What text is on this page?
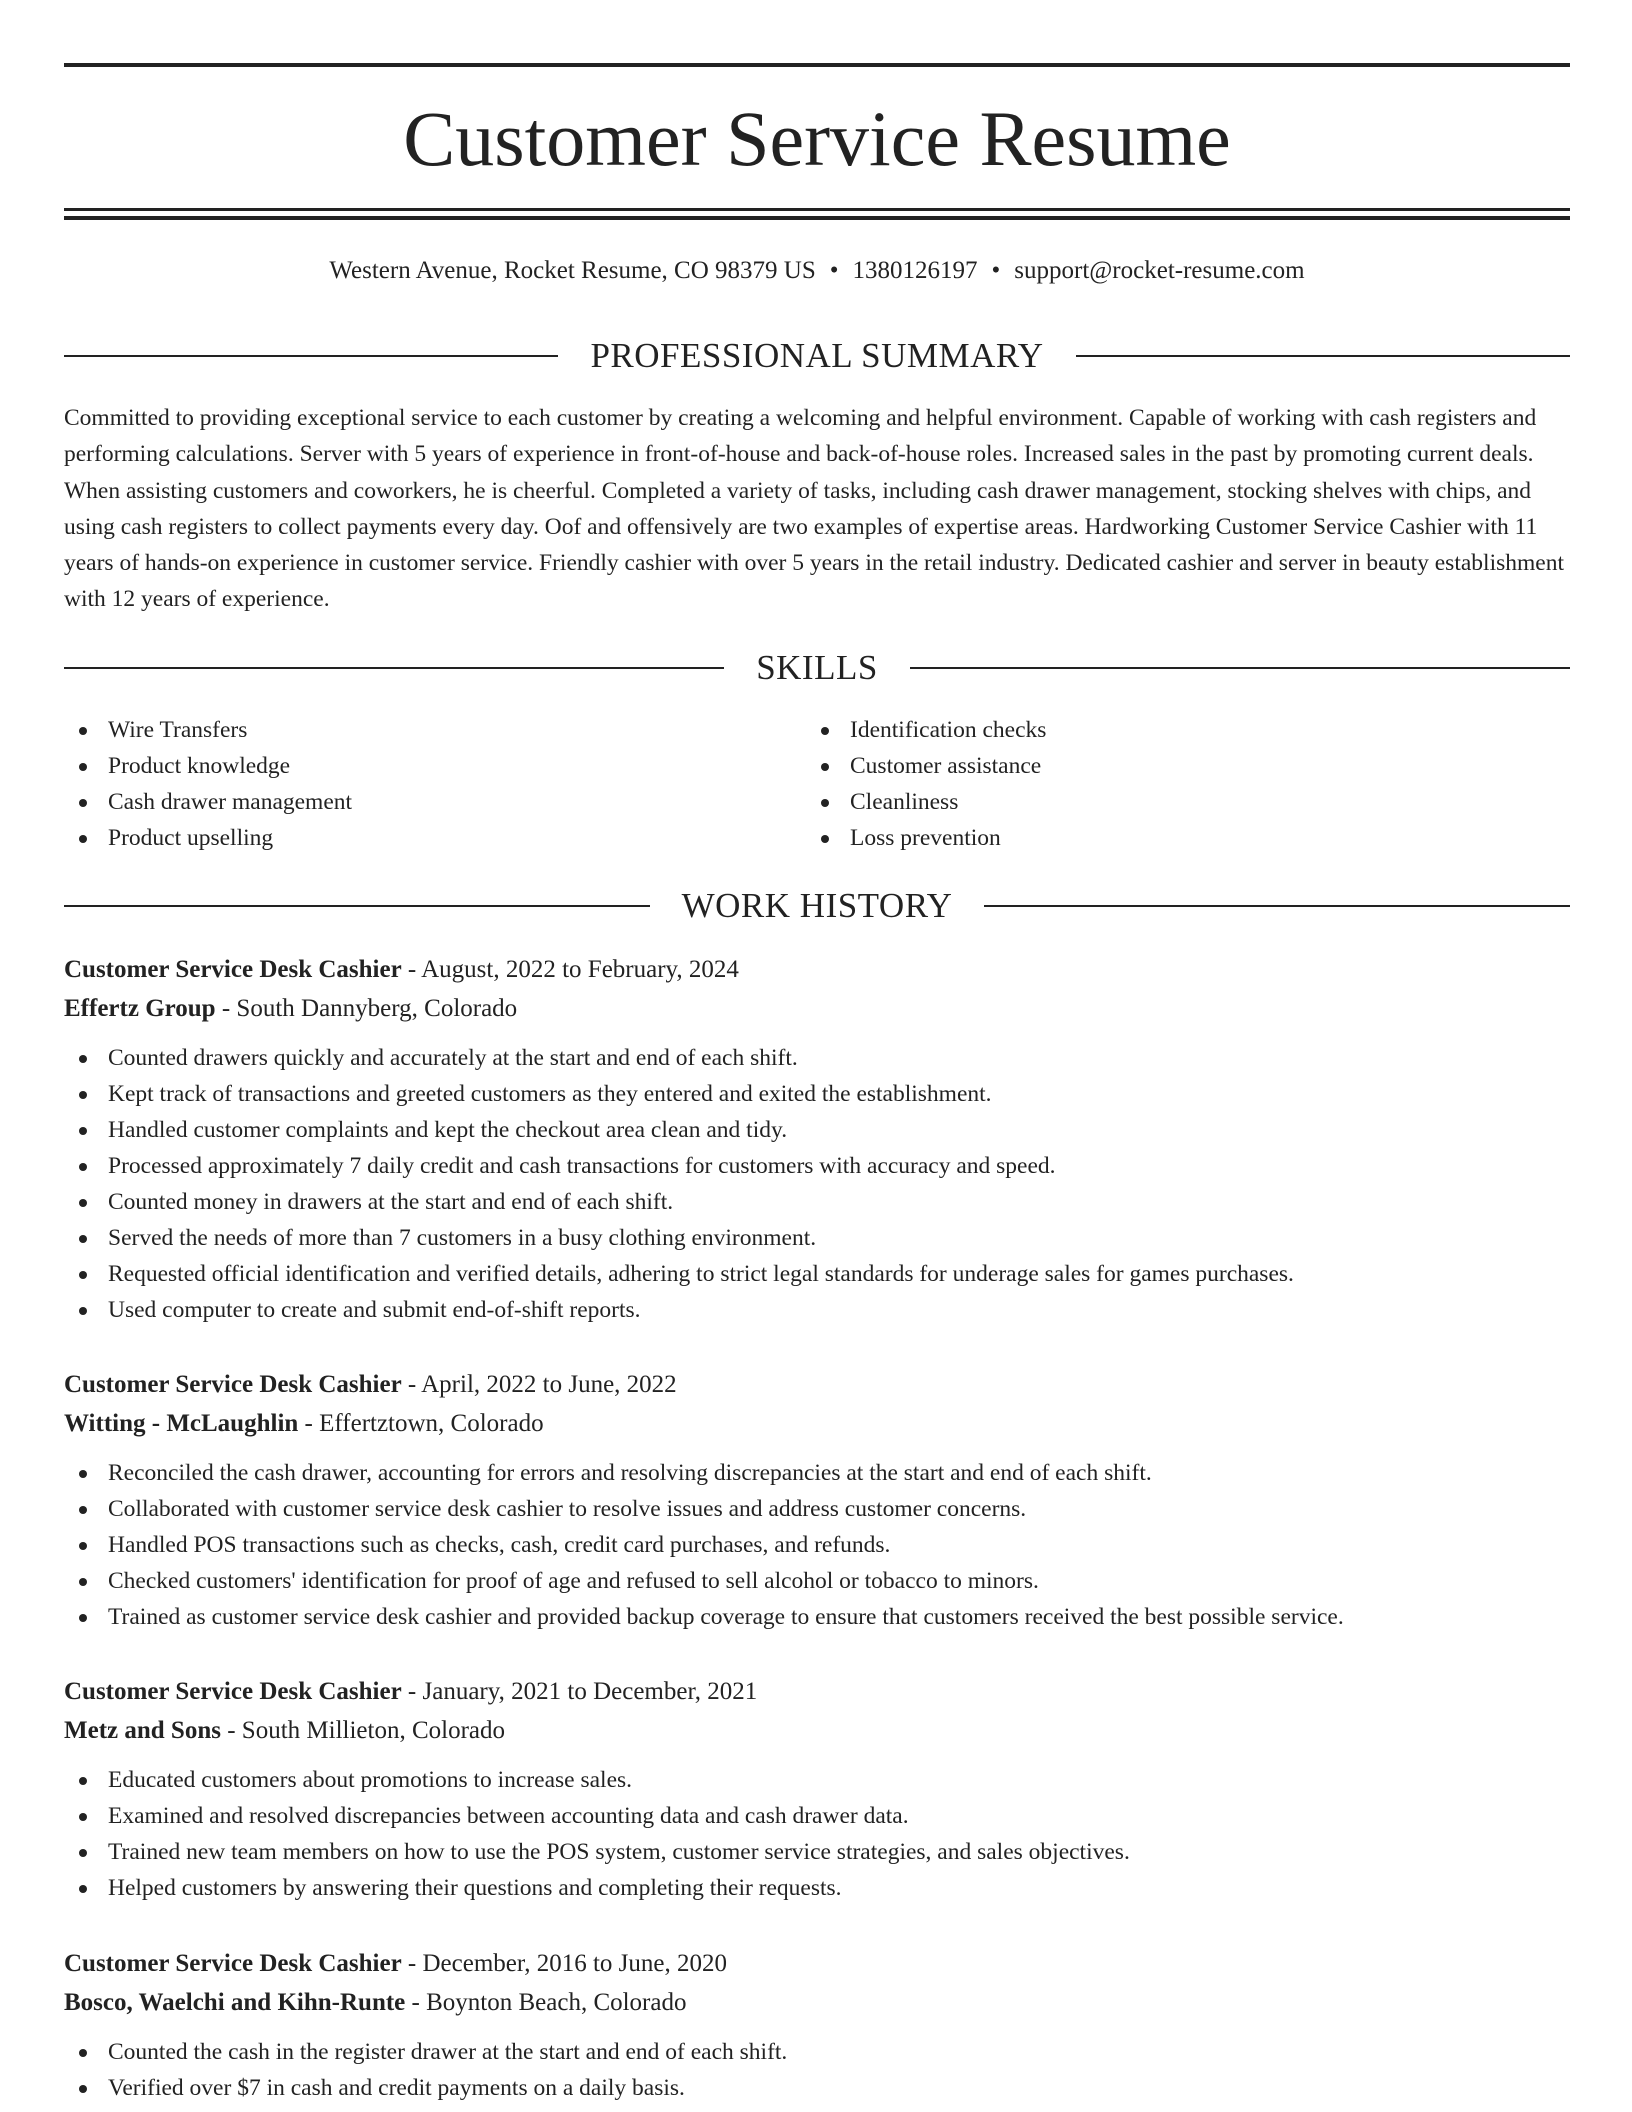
Customer Service Resume
Western Avenue, Rocket Resume, CO 98379 US • 1380126197 • support@rocket-resume.com
PROFESSIONAL SUMMARY

Committed to providing exceptional service to each customer by creating a welcoming and helpful environment. Capable of working with cash registers and performing calculations. Server with 5 years of experience in front-of-house and back-of-house roles. Increased sales in the past by promoting current deals. When assisting customers and coworkers, he is cheerful. Completed a variety of tasks, including cash drawer management, stocking shelves with chips, and using cash registers to collect payments every day. Oof and offensively are two examples of expertise areas. Hardworking Customer Service Cashier with 11 years of hands-on experience in customer service. Friendly cashier with over 5 years in the retail industry. Dedicated cashier and server in beauty establishment with 12 years of experience.

SKILLS
Wire Transfers
Product knowledge
Cash drawer management
Product upselling
Identification checks
Customer assistance
Cleanliness
Loss prevention
WORK HISTORY
Customer Service Desk Cashier - August, 2022 to February, 2024
Effertz Group - South Dannyberg, Colorado
Counted drawers quickly and accurately at the start and end of each shift.
Kept track of transactions and greeted customers as they entered and exited the establishment.
Handled customer complaints and kept the checkout area clean and tidy.
Processed approximately 7 daily credit and cash transactions for customers with accuracy and speed.
Counted money in drawers at the start and end of each shift.
Served the needs of more than 7 customers in a busy clothing environment.
Requested official identification and verified details, adhering to strict legal standards for underage sales for games purchases.
Used computer to create and submit end-of-shift reports.
Customer Service Desk Cashier - April, 2022 to June, 2022
Witting - McLaughlin - Effertztown, Colorado
Reconciled the cash drawer, accounting for errors and resolving discrepancies at the start and end of each shift.
Collaborated with customer service desk cashier to resolve issues and address customer concerns.
Handled POS transactions such as checks, cash, credit card purchases, and refunds.
Checked customers' identification for proof of age and refused to sell alcohol or tobacco to minors.
Trained as customer service desk cashier and provided backup coverage to ensure that customers received the best possible service.
Customer Service Desk Cashier - January, 2021 to December, 2021
Metz and Sons - South Millieton, Colorado
Educated customers about promotions to increase sales.
Examined and resolved discrepancies between accounting data and cash drawer data.
Trained new team members on how to use the POS system, customer service strategies, and sales objectives.
Helped customers by answering their questions and completing their requests.
Customer Service Desk Cashier - December, 2016 to June, 2020
Bosco, Waelchi and Kihn-Runte - Boynton Beach, Colorado
Counted the cash in the register drawer at the start and end of each shift.
Verified over $7 in cash and credit payments on a daily basis.
